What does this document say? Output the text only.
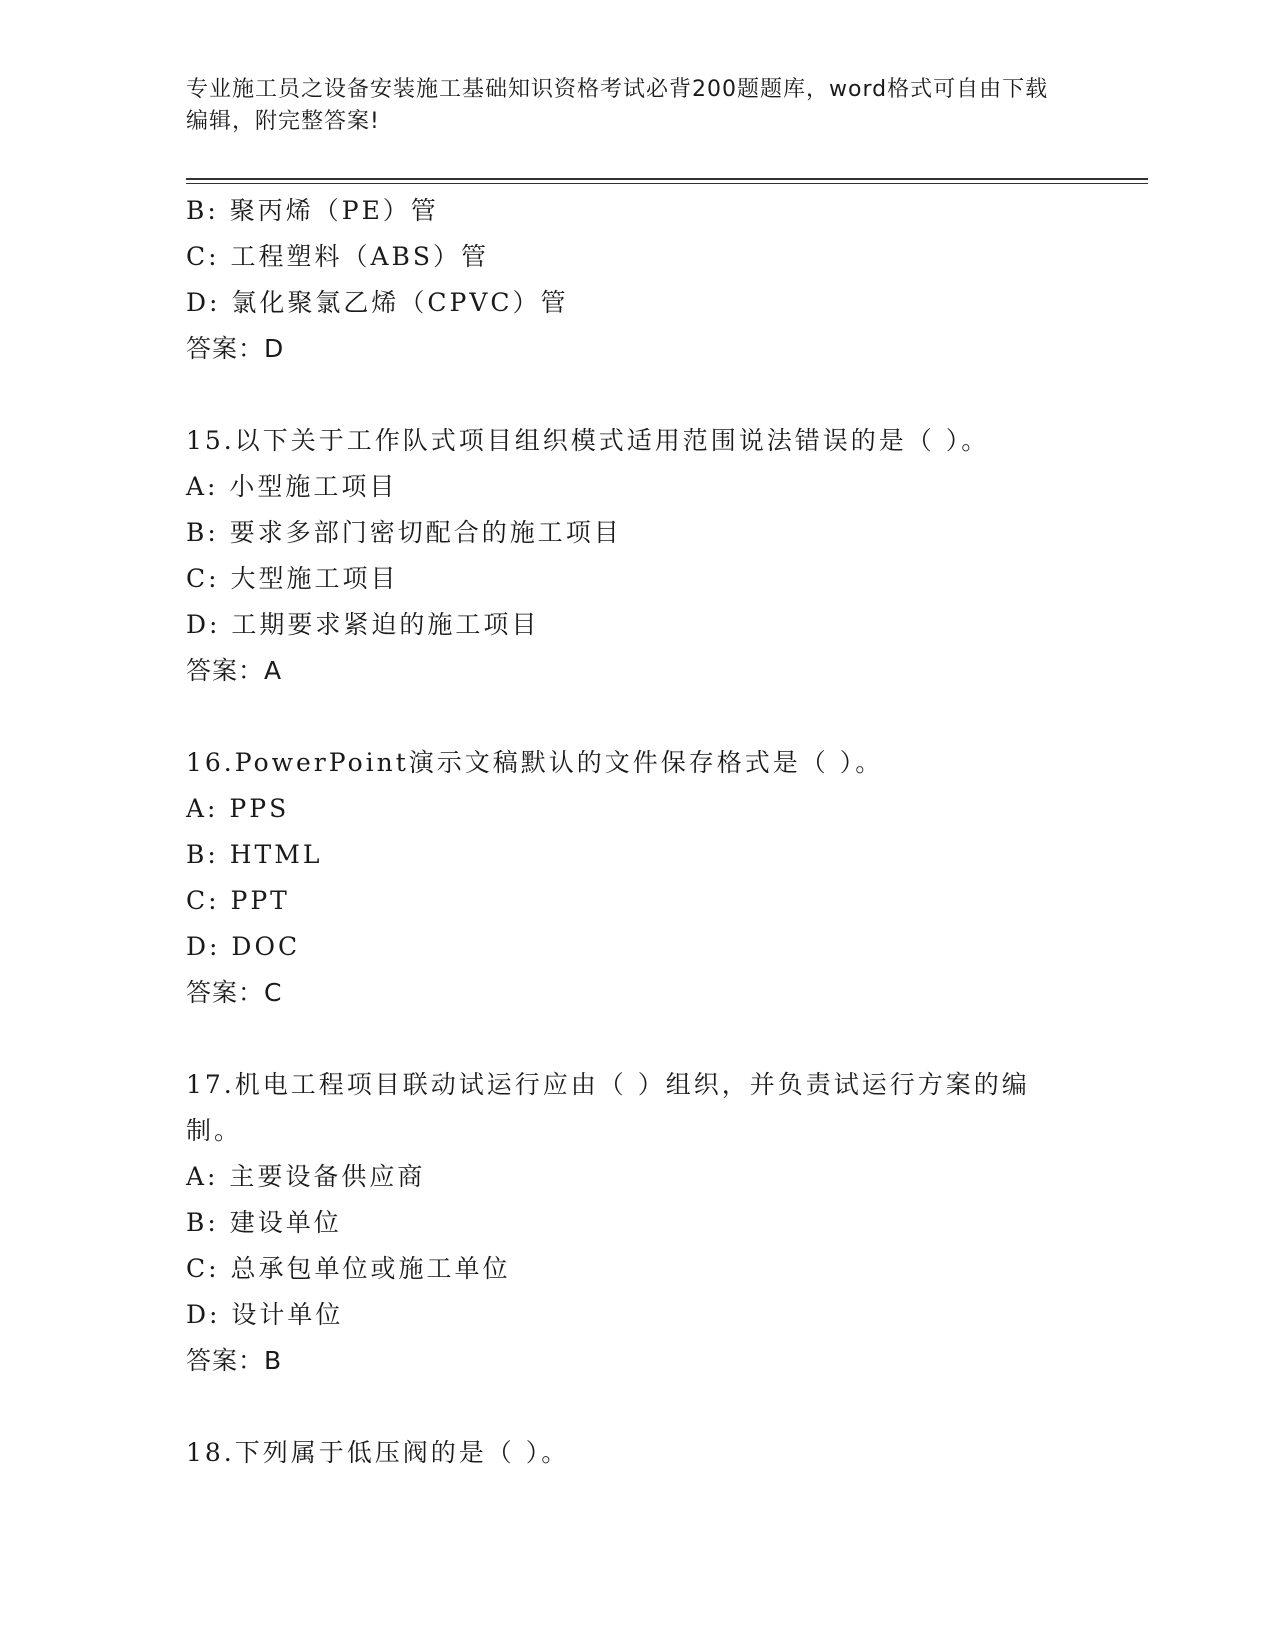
专业施工员之设备安装施工基础知识资格考试必背200题题库，word格式可自由下载编辑，附完整答案!
B: 聚丙烯（PE）管
C: 工程塑料（ABS）管
D: 氯化聚氯乙烯（CPVC）管
答案：D
15.以下关于工作队式项目组织模式适用范围说法错误的是（ ）。
A: 小型施工项目
B: 要求多部门密切配合的施工项目
C: 大型施工项目
D: 工期要求紧迫的施工项目
答案：A
16.PowerPoint演示文稿默认的文件保存格式是（ ）。
A: PPS
B: HTML
C: PPT
D: DOC
答案：C
17.机电工程项目联动试运行应由（ ）组织，并负责试运行方案的编制。
A: 主要设备供应商
B: 建设单位
C: 总承包单位或施工单位
D: 设计单位
答案：B
18.下列属于低压阀的是（ ）。
